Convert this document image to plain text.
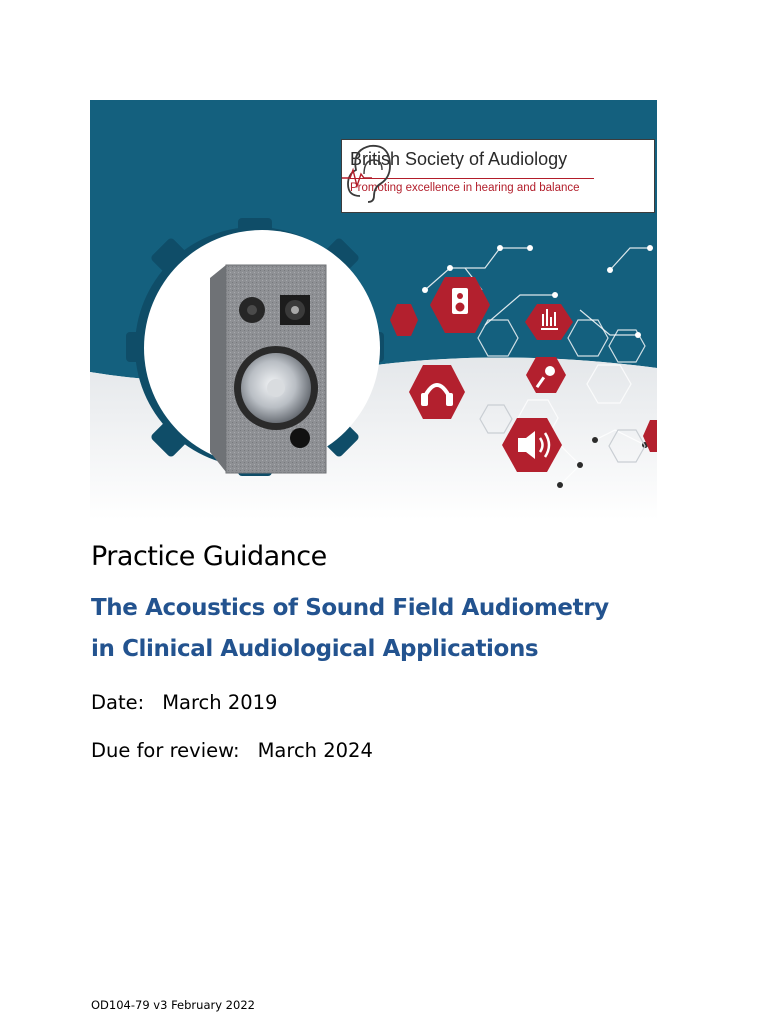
British Society of Audiology
Promoting excellence in hearing and balance
Practice Guidance
The Acoustics of Sound Field Audiometry
in Clinical Audiological Applications
Date: March 2019
Due for review: March 2024
OD104-79 v3 February 2022
